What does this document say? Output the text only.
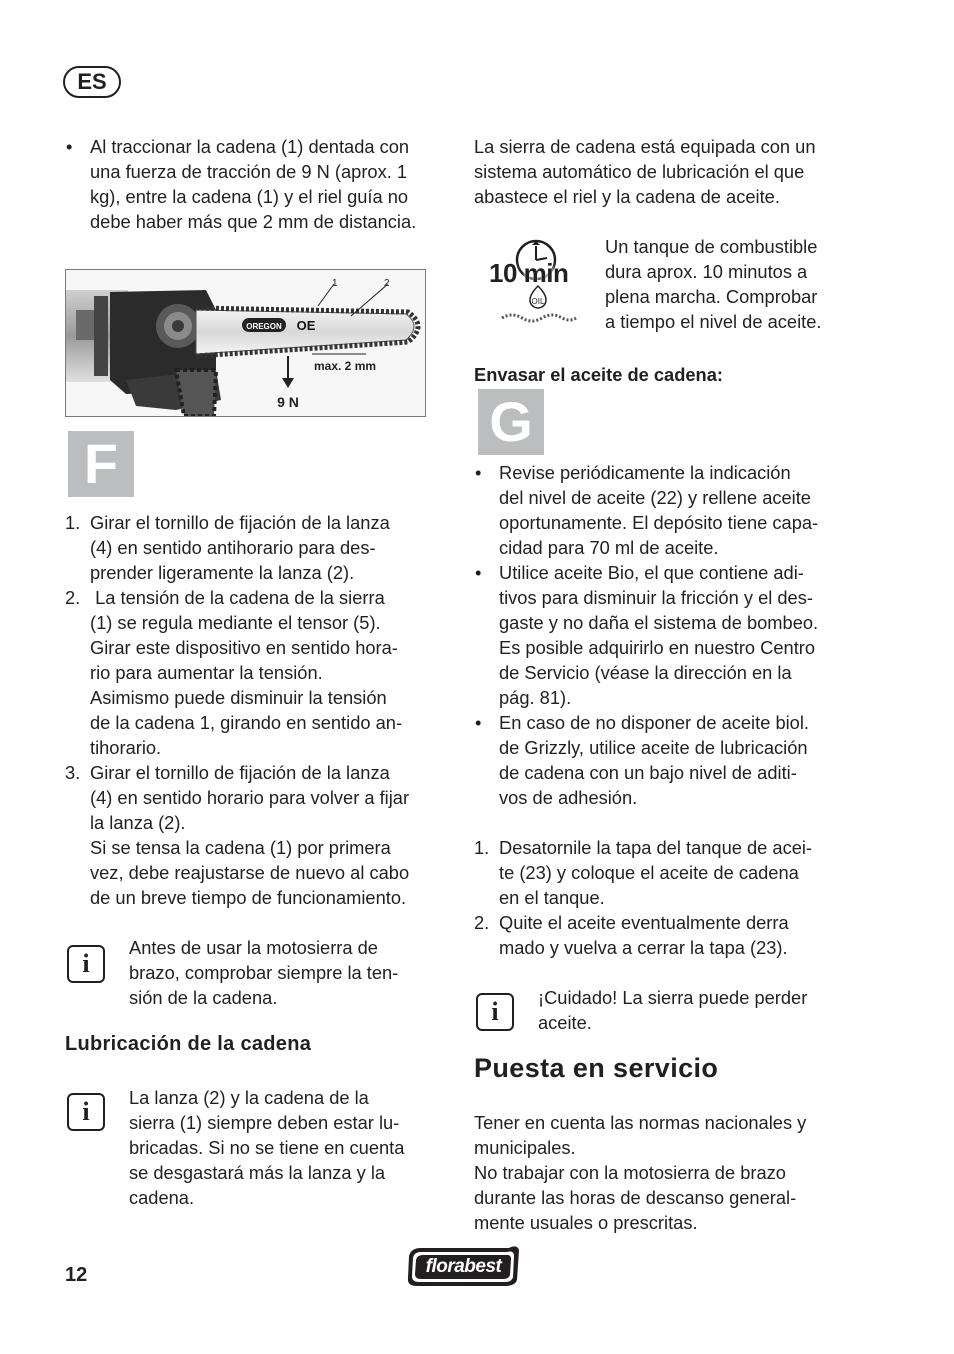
ES
• Al traccionar la cadena (1) dentada con una fuerza de tracción de 9 N (aprox. 1 kg), entre la cadena (1) y el riel guía no debe haber más que 2 mm de distancia.
OREGON OE
1	2
max. 2 mm
9 N
F
1. Girar el tornillo de fijación de la lanza
(4) en sentido antihorario para des-
prender ligeramente la lanza (2).
2. La tensión de la cadena de la sierra
(1) se regula mediante el tensor (5).
Girar este dispositivo en sentido hora-
rio para aumentar la tensión.
Asimismo puede disminuir la tensión
de la cadena 1, girando en sentido an-
tihorario.
3. Girar el tornillo de fijación de la lanza
(4) en sentido horario para volver a fijar
la lanza (2).
Si se tensa la cadena (1) por primera
vez, debe reajustarse de nuevo al cabo
de un breve tiempo de funcionamiento.
i
Antes de usar la motosierra de
brazo, comprobar siempre la ten-
sión de la cadena.
Lubricación de la cadena
i	La lanza (2) y la cadena de la
sierra (1) siempre deben estar lu-
bricadas. Si no se tiene en cuenta
se desgastará más la lanza y la
cadena.
La sierra de cadena está equipada con un
sistema automático de lubricación el que
abastece el riel y la cadena de aceite.
OIL
10 min
Un tanque de combustible
dura aprox. 10 minutos a
plena marcha. Comprobar
a tiempo el nivel de aceite.
Envasar el aceite de cadena:
G
• Revise periódicamente la indicación
del nivel de aceite (22) y rellene aceite
oportunamente. El depósito tiene capa-
cidad para 70 ml de aceite.
• Utilice aceite Bio, el que contiene adi-
tivos para disminuir la fricción y el des-
gaste y no daña el sistema de bombeo.
Es posible adquirirlo en nuestro Centro
de Servicio (véase la dirección en la
pág. 81).
• En caso de no disponer de aceite biol.
de Grizzly, utilice aceite de lubricación
de cadena con un bajo nivel de aditi-
vos de adhesión.
1. Desatornile la tapa del tanque de acei-
te (23) y coloque el aceite de cadena
en el tanque.
2. Quite el aceite eventualmente derra
mado y vuelva a cerrar la tapa (23).
i	¡Cuidado! La sierra puede perder
aceite.
Puesta en servicio
Tener en cuenta las normas nacionales y
municipales.
No trabajar con la motosierra de brazo
durante las horas de descanso general-
mente usuales o prescritas.
12	florabest
